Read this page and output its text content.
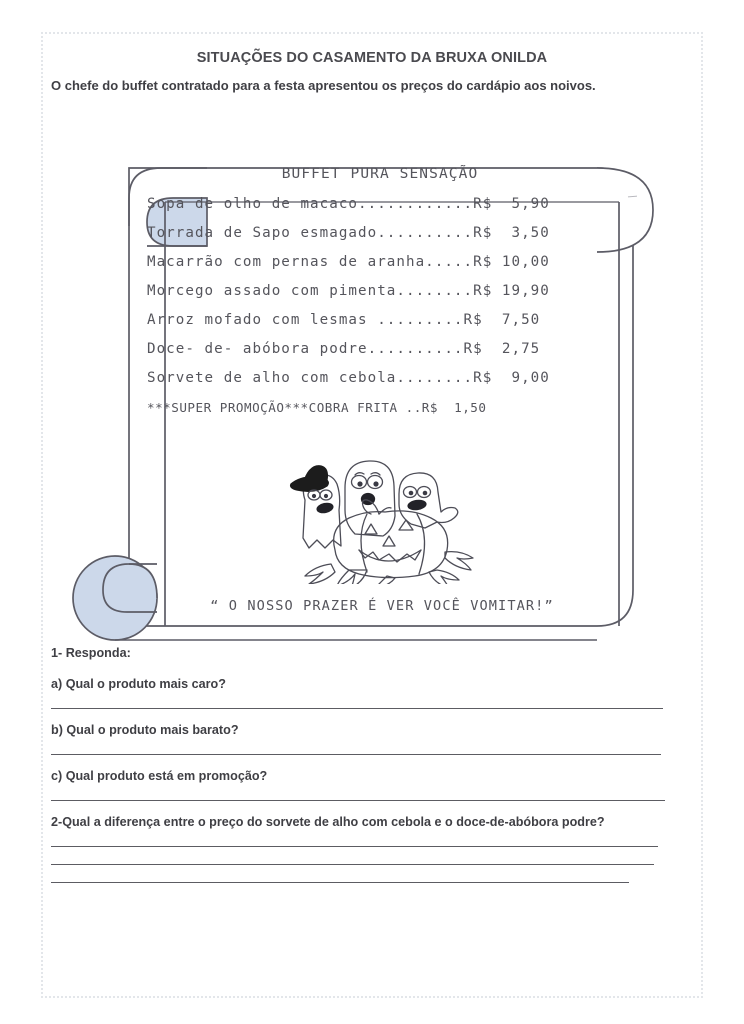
SITUAÇÕES DO CASAMENTO DA BRUXA ONILDA
O chefe do buffet contratado para a festa apresentou os preços do cardápio aos noivos.
BUFFET PURA SENSAÇÃO
Sopa de olho de macaco............R$  5,90
Torrada de Sapo esmagado..........R$  3,50
Macarrão com pernas de aranha.....R$ 10,00
Morcego assado com pimenta........R$ 19,90
Arroz mofado com lesmas .........R$  7,50
Doce- de- abóbora podre..........R$  2,75
Sorvete de alho com cebola........R$  9,00
***SUPER PROMOÇÃO***COBRA FRITA ..R$  1,50
“ O NOSSO PRAZER É VER VOCÊ VOMITAR!”
1- Responda:
a) Qual o produto mais caro?
b) Qual o produto mais barato?
c) Qual produto está em promoção?
2-Qual a diferença entre o preço do sorvete de alho com cebola e o doce-de-abóbora podre?
